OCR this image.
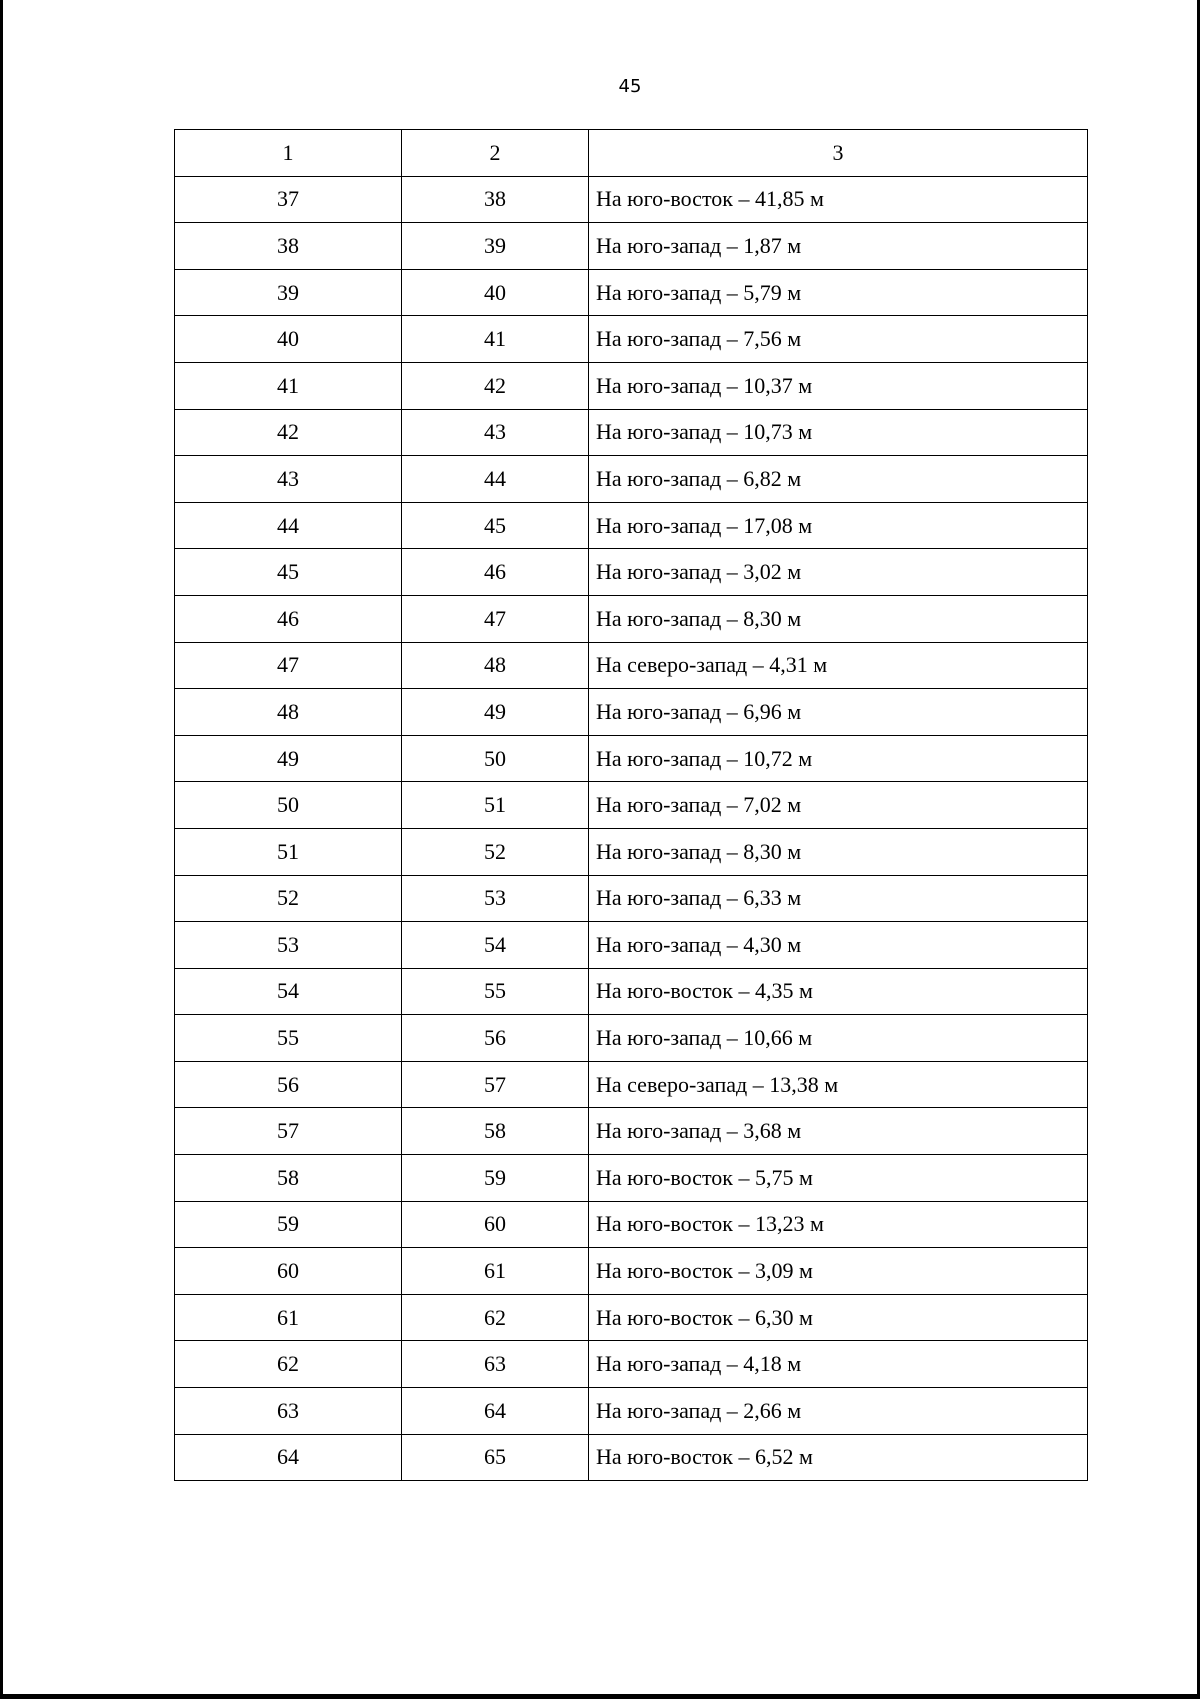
45
1	2	3
37	38	На юго-восток – 41,85 м
38	39	На юго-запад – 1,87 м
39	40	На юго-запад – 5,79 м
40	41	На юго-запад – 7,56 м
41	42	На юго-запад – 10,37 м
42	43	На юго-запад – 10,73 м
43	44	На юго-запад – 6,82 м
44	45	На юго-запад – 17,08 м
45	46	На юго-запад – 3,02 м
46	47	На юго-запад – 8,30 м
47	48	На северо-запад – 4,31 м
48	49	На юго-запад – 6,96 м
49	50	На юго-запад – 10,72 м
50	51	На юго-запад – 7,02 м
51	52	На юго-запад – 8,30 м
52	53	На юго-запад – 6,33 м
53	54	На юго-запад – 4,30 м
54	55	На юго-восток – 4,35 м
55	56	На юго-запад – 10,66 м
56	57	На северо-запад – 13,38 м
57	58	На юго-запад – 3,68 м
58	59	На юго-восток – 5,75 м
59	60	На юго-восток – 13,23 м
60	61	На юго-восток – 3,09 м
61	62	На юго-восток – 6,30 м
62	63	На юго-запад – 4,18 м
63	64	На юго-запад – 2,66 м
64	65	На юго-восток – 6,52 м
